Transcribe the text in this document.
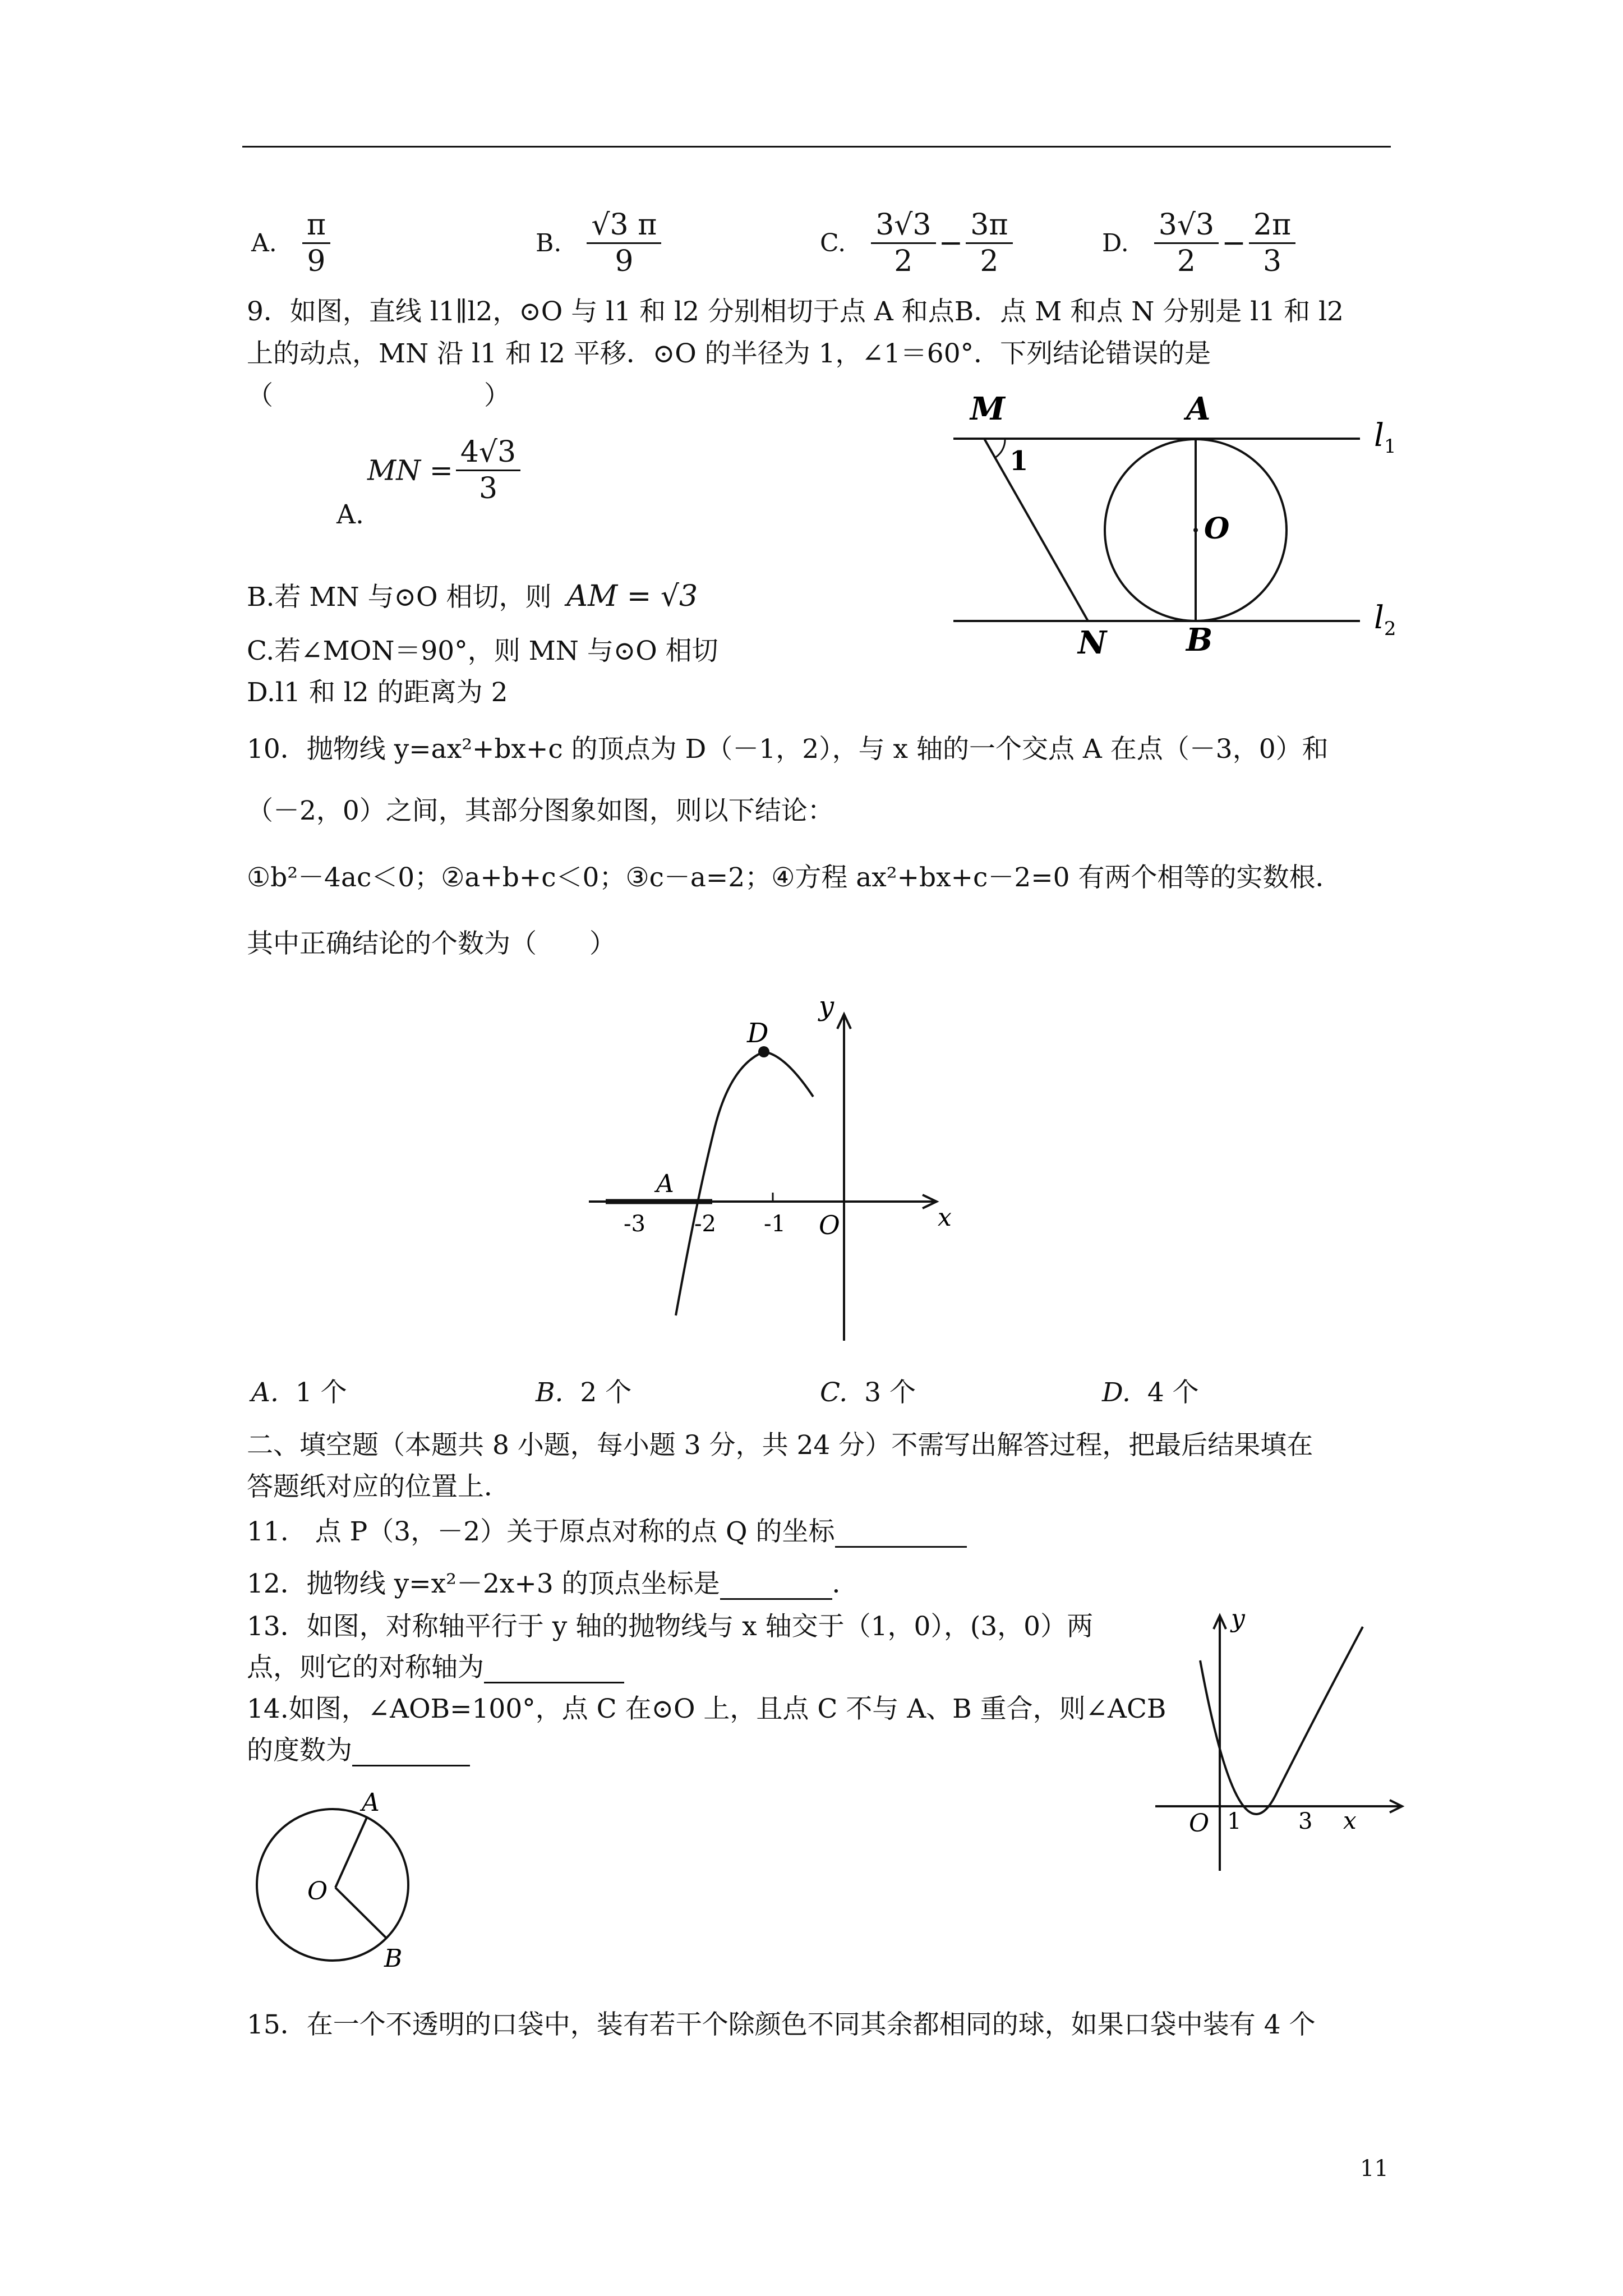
A. $\frac{\pi}{9}$	B. $\frac{√3 \pi}{9}$	C. $\frac{3√3}{2} - \frac{3\pi}{2}$	D. $\frac{3√3}{2} - \frac{2\pi}{3}$
9．如图，直线 l1∥l2，⊙O 与 l1 和 l2 分别相切于点 A 和点B．点 M 和点 N 分别是 l1 和 l2
上的动点，MN 沿 l1 和 l2 平移．⊙O 的半径为 1，∠1＝60°．下列结论错误的是
（　　　　　　　　）
A.
MN = $\frac{4√3}{3}$
B.若 MN 与⊙O 相切，则 AM = √3
C.若∠MON＝90°，则 MN 与⊙O 相切
D.l1 和 l2 的距离为 2
M	A
O
1
N	B
$l_1$
$l_2$
10．抛物线 y=ax²+bx+c 的顶点为 D（－1，2），与 x 轴的一个交点 A 在点（－3，0）和
（－2，0）之间，其部分图象如图，则以下结论：
①b²－4ac＜0；②a+b+c＜0；③c－a=2；④方程 ax²+bx+c－2=0 有两个相等的实数根．
其中正确结论的个数为（　　）
y
D
A
-3 -2 -1 O	x
A. 1 个	B. 2 个	C. 3 个	D. 4 个
二、填空题（本题共 8 小题，每小题 3 分，共 24 分）不需写出解答过程，把最后结果填在
答题纸对应的位置上．
11.　点 P（3，－2）关于原点对称的点 Q 的坐标
12．抛物线 y=x²－2x+3 的顶点坐标是	．
13．如图，对称轴平行于 y 轴的抛物线与 x 轴交于（1，0），(3，0）两
点，则它的对称轴为
y
O 1	3 x
14.如图，∠AOB=100°，点 C 在⊙O 上，且点 C 不与 A、B 重合，则∠ACB
的度数为
A
O
B
15．在一个不透明的口袋中，装有若干个除颜色不同其余都相同的球，如果口袋中装有 4 个
11
